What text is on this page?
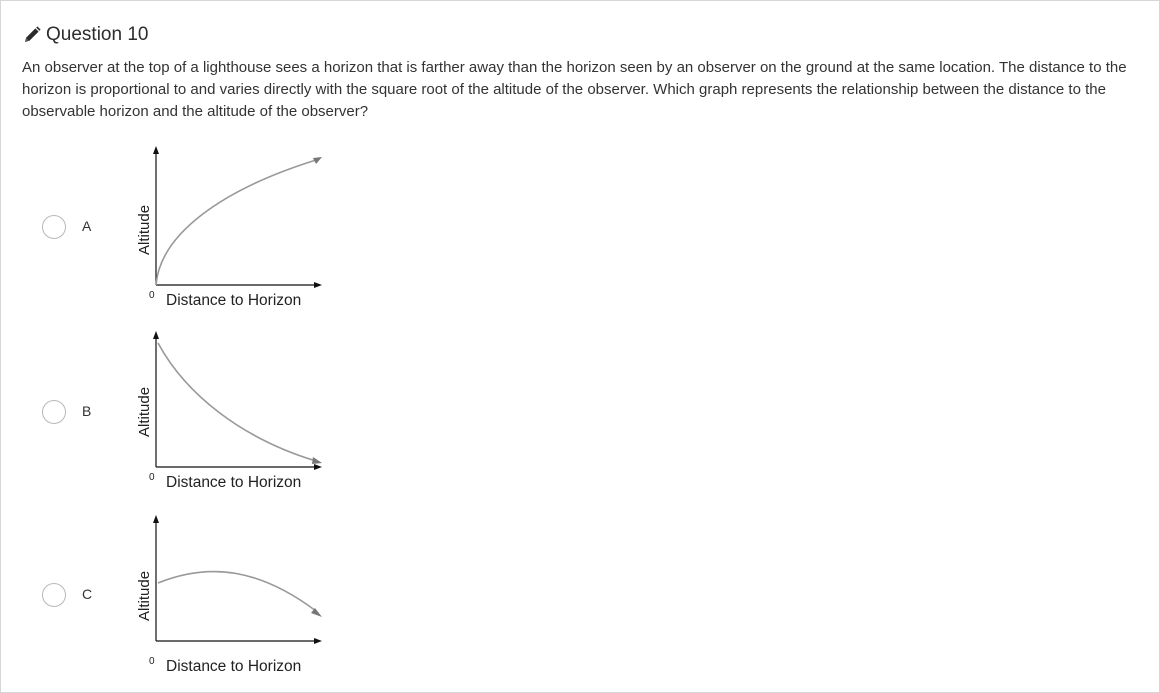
Question 10
An observer at the top of a lighthouse sees a horizon that is farther away than the horizon seen by an observer on the ground at the same location. The distance to the horizon is proportional to and varies directly with the square root of the altitude of the observer. Which graph represents the relationship between the distance to the observable horizon and the altitude of the observer?
A
0 Distance to Horizon
Altitude
B
0 Distance to Horizon
Altitude
C
0 Distance to Horizon
Altitude
